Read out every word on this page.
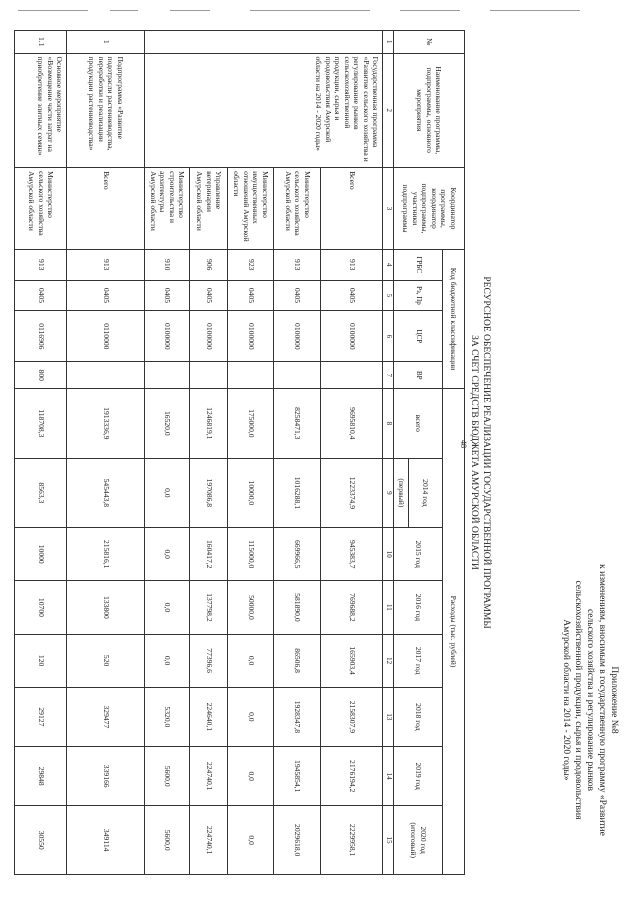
48
Приложение №8
к изменениям, вносимым в государственную программу «Развитие
сельского хозяйства и регулирование рынков
сельскохозяйственной продукции, сырья и продовольствия
Амурской области на 2014 - 2020 годы»
РЕСУРСНОЕ ОБЕСПЕЧЕНИЕ РЕАЛИЗАЦИИ ГОСУДАРСТВЕННОЙ ПРОГРАММЫ
ЗА СЧЕТ СРЕДСТВ БЮДЖЕТА АМУРСКОЙ ОБЛАСТИ
№	Наименование программы, подпрограммы, основного мероприятия	Координатор программы, координатор подпрограммы, участники подпрограммы	Код бюджетной классификации				Расходы (тыс. рублей)							
			ГРБС	Рз, Пр	ЦСР	ВР	всего	2014 год	2015 год	2016 год	2017 год	2018 год	2019 год	2020 год (итоговый)
								(первый)						
1	2	3	4	5	6	7	8	9	10	11	12	13	14	15
	Государственная программа «Развитие сельского хозяйства и регулирование рынков сельскохозяйственной продукции, сырья и продовольствия Амурской области на 2014 - 2020 годы»	Всего	913	0405	0100000		9695810,4	1223374,9	945383,7	769688,2	165903,4	2158307,9	2176194,2	2229958,1
		Министерство сельского хозяйства Амурской области	913	0405	0100000		8258471,3	1016288,1	669966,5	581890,0	86506,8	1928347,8	1945854,1	2029618,0
		Министерство имущественных отношений Амурской области	923	0405	0100000		175000,0	10000,0	115000,0	50000,0	0,0	0,0	0,0	0,0
		Управление ветеринарии Амурской области	906	0405	0100000		1246819,1	197086,8	160417,2	137798,2	77396,6	224640,1	224740,1	224740,1
		Министерство строительства и архитектуры Амурской области	910	0405	0100000		16520,0	0,0	0,0	0,0	0,0	5320,0	5600,0	5600,0
1	Подпрограмма «Развитие подотрасли растениеводства, переработки и реализации продукции растениеводства»	Всего	913	0405	0110000		1913336,9	545443,8	215816,1	133800	520	329477	339166	349114
1.1	Основное мероприятие «Возмещение части затрат на приобретение элитных семян»	Министерство сельского хозяйства Амурской области	913	0405	0116906	800	118708,3	8563,3	10000	10700	120	29127	29848	30550
